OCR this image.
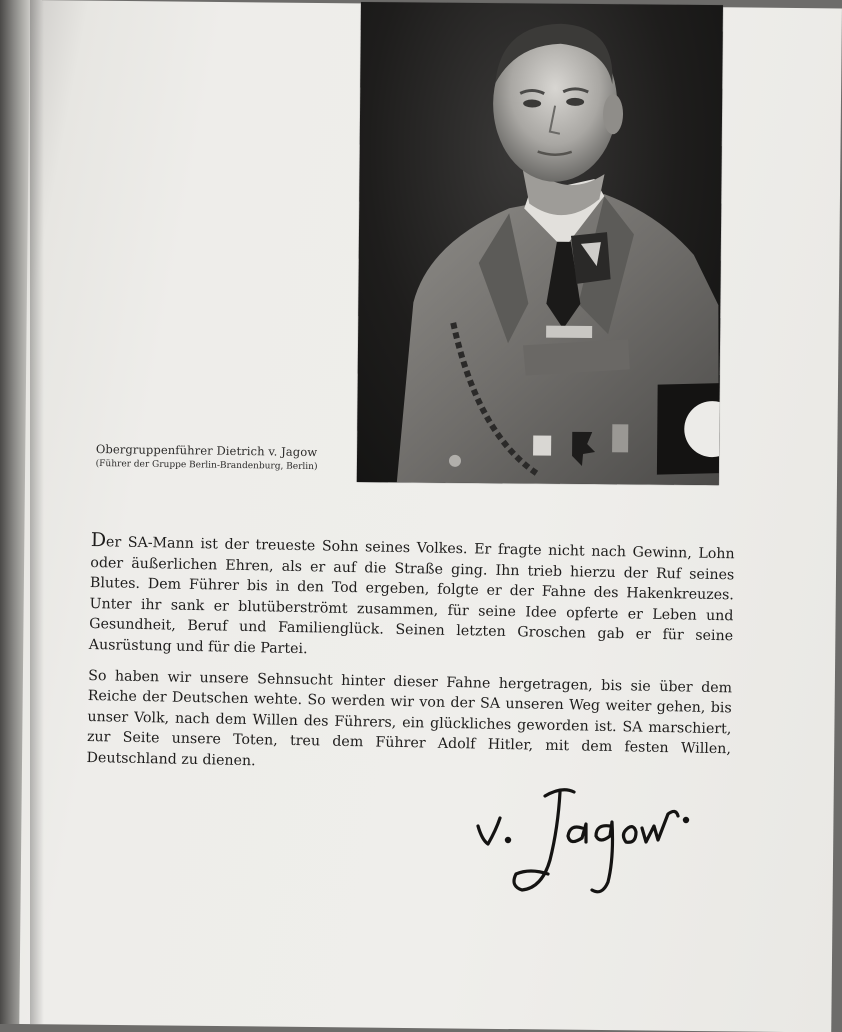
Obergruppenführer Dietrich v. Jagow
(Führer der Gruppe Berlin-Brandenburg, Berlin)

Der SA-Mann ist der treueste Sohn seines Volkes. Er fragte nicht nach Gewinn, Lohn oder äußerlichen Ehren, als er auf die Straße ging. Ihn trieb hierzu der Ruf seines Blutes. Dem Führer bis in den Tod ergeben, folgte er der Fahne des Hakenkreuzes. Unter ihr sank er blutüberströmt zusammen, für seine Idee opferte er Leben und Gesundheit, Beruf und Familienglück. Seinen letzten Groschen gab er für seine Ausrüstung und für die Partei.

So haben wir unsere Sehnsucht hinter dieser Fahne hergetragen, bis sie über dem Reiche der Deutschen wehte. So werden wir von der SA unseren Weg weiter gehen, bis unser Volk, nach dem Willen des Führers, ein glückliches geworden ist. SA marschiert, zur Seite unsere Toten, treu dem Führer Adolf Hitler, mit dem festen Willen, Deutschland zu dienen.
